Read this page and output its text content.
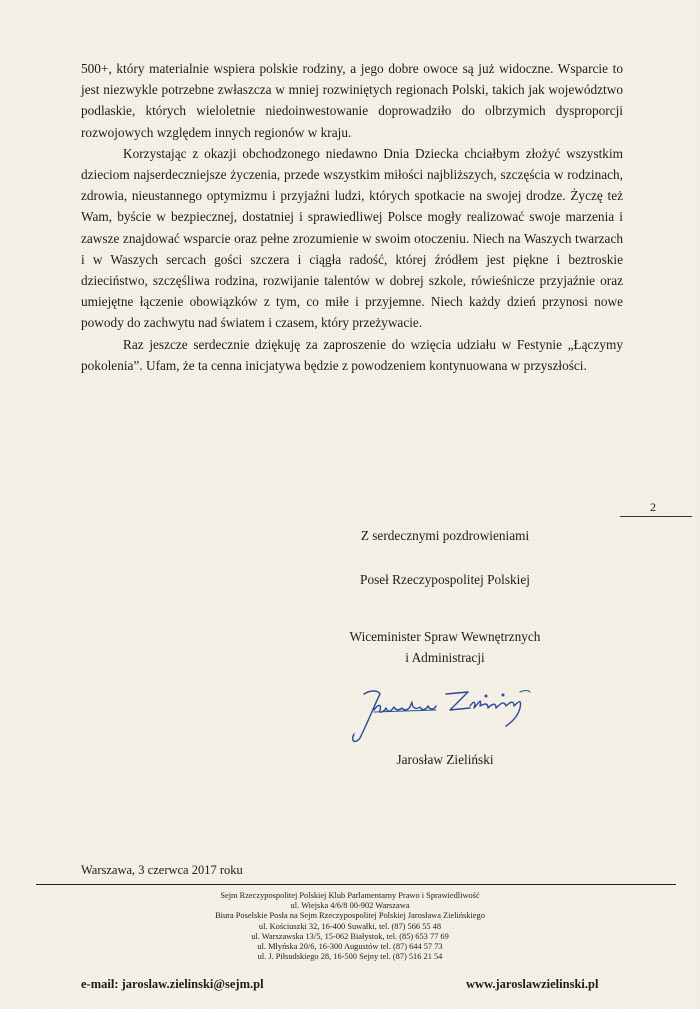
500+, który materialnie wspiera polskie rodziny, a jego dobre owoce są już widoczne. Wsparcie to jest niezwykle potrzebne zwłaszcza w mniej rozwiniętych regionach Polski, takich jak województwo podlaskie, których wieloletnie niedoinwestowanie doprowadziło do olbrzymich dysproporcji rozwojowych względem innych regionów w kraju.

Korzystając z okazji obchodzonego niedawno Dnia Dziecka chciałbym złożyć wszystkim dzieciom najserdeczniejsze życzenia, przede wszystkim miłości najbliższych, szczęścia w rodzinach, zdrowia, nieustannego optymizmu i przyjaźni ludzi, których spotkacie na swojej drodze. Życzę też Wam, byście w bezpiecznej, dostatniej i sprawiedliwej Polsce mogły realizować swoje marzenia i zawsze znajdować wsparcie oraz pełne zrozumienie w swoim otoczeniu. Niech na Waszych twarzach i w Waszych sercach gości szczera i ciągła radość, której źródłem jest piękne i beztroskie dzieciństwo, szczęśliwa rodzina, rozwijanie talentów w dobrej szkole, rówieśnicze przyjaźnie oraz umiejętne łączenie obowiązków z tym, co miłe i przyjemne. Niech każdy dzień przynosi nowe powody do zachwytu nad światem i czasem, który przeżywacie.

Raz jeszcze serdecznie dziękuję za zaproszenie do wzięcia udziału w Festynie „Łączymy pokolenia”. Ufam, że ta cenna inicjatywa będzie z powodzeniem kontynuowana w przyszłości.

2
Z serdecznymi pozdrowieniami
Poseł Rzeczypospolitej Polskiej
Wiceminister Spraw Wewnętrznych
i Administracji
Jarosław Zieliński
Warszawa, 3 czerwca 2017 roku
Sejm Rzeczypospolitej Polskiej Klub Parlamentarny Prawo i Sprawiedliwość
ul. Wiejska 4/6/8 00-902 Warszawa
Biura Poselskie Posła na Sejm Rzeczypospolitej Polskiej Jarosława Zielińskiego
ul. Kościuszki 32, 16-400 Suwałki, tel. (87) 566 55 48
ul. Warszawska 13/5, 15-062 Białystok, tel. (85) 653 77 69
ul. Młyńska 20/6, 16-300 Augustów tel. (87) 644 57 73
ul. J. Piłsudskiego 28, 16-500 Sejny tel. (87) 516 21 54
e-mail: jaroslaw.zielinski@sejm.pl	www.jaroslawzielinski.pl
